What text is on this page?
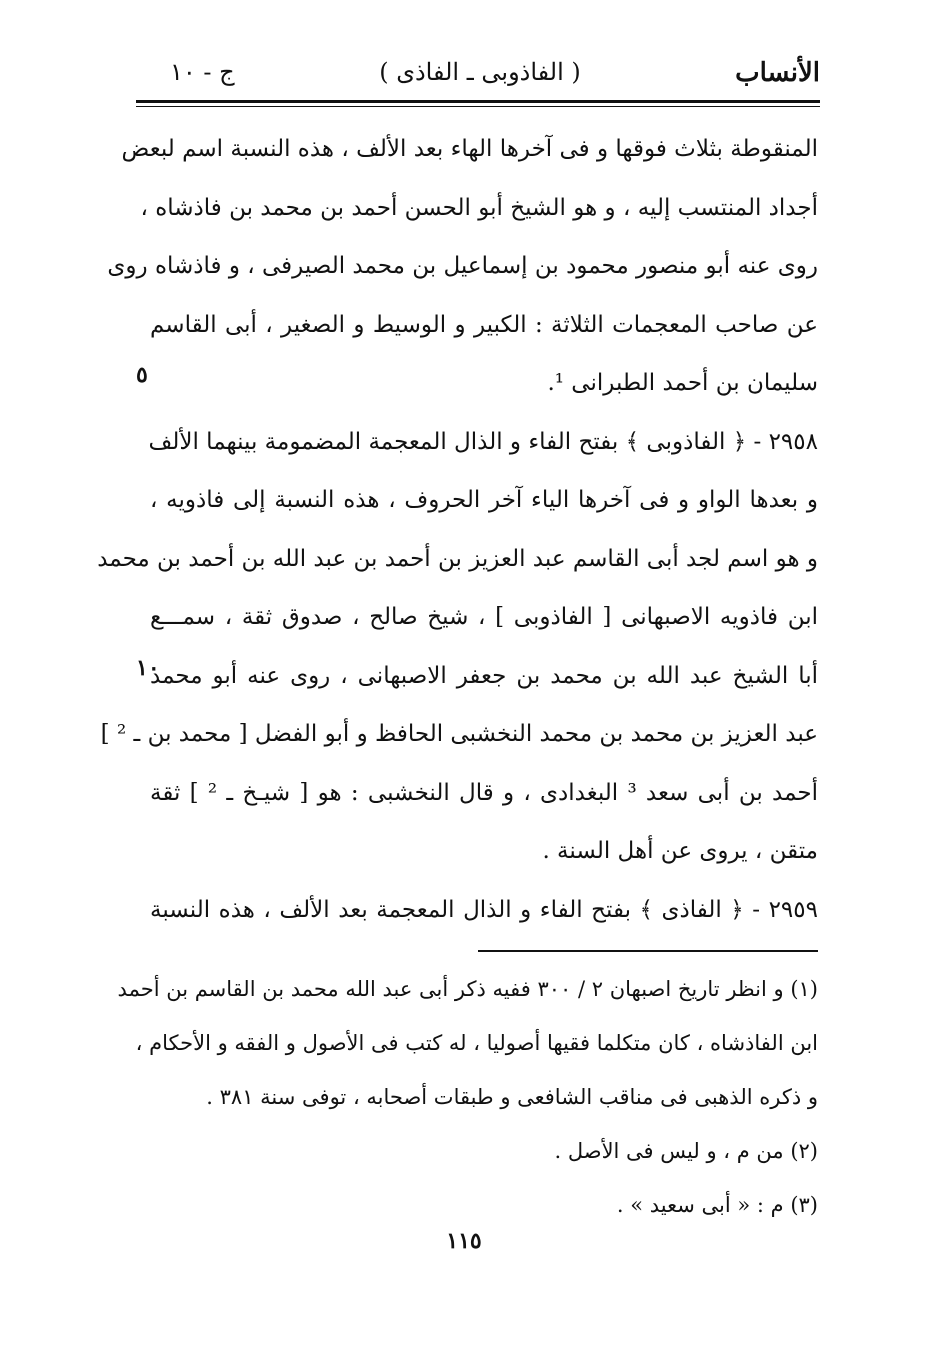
الأنساب
( الفاذوبى ـ الفاذى )
ج - ١٠
المنقوطة بثلاث فوقها و فى آخرها الهاء بعد الألف ، هذه النسبة اسم لبعض
أجداد المنتسب إليه ، و هو الشيخ أبو الحسن أحمد بن محمد بن فاذشاه ،
روى عنه أبو منصور محمود بن إسماعيل بن محمد الصيرفى ، و فاذشاه روى
عن صاحب المعجمات الثلاثة : الكبير و الوسيط و الصغير ، أبى القاسم
سليمان بن أحمد الطبرانى ¹.
٢٩٥٨ - ﴿ الفاذوبى ﴾ بفتح الفاء و الذال المعجمة المضمومة بينهما الألف
و بعدها الواو و فى آخرها الياء آخر الحروف ، هذه النسبة إلى فاذويه ،
و هو اسم لجد أبى القاسم عبد العزيز بن أحمد بن عبد الله بن أحمد بن محمد
ابن فاذويه الاصبهانى [ الفاذوبى ] ، شيخ صالح ، صدوق ثقة ، سمـــع
أبا الشيخ عبد الله بن محمد بن جعفر الاصبهانى ، روى عنه أبو محمد
عبد العزيز بن محمد بن محمد النخشبى الحافظ و أبو الفضل [ محمد بن ـ ² ]
أحمد بن أبى سعد ³ البغدادى ، و قال النخشبى : هو [ شيـخ ـ ² ] ثقة
متقن ، يروى عن أهل السنة .
٢٩٥٩ - ﴿ الفاذى ﴾ بفتح الفاء و الذال المعجمة بعد الألف ، هذه النسبة
٥
١٠
(١) و انظر تاريخ اصبهان ٢ / ٣٠٠ ففيه ذكر أبى عبد الله محمد بن القاسم بن أحمد
ابن الفاذشاه ، كان متكلما فقيها أصوليا ، له كتب فى الأصول و الفقه و الأحكام ،
و ذكره الذهبى فى مناقب الشافعى و طبقات أصحابه ، توفى سنة ٣٨١ .
(٢) من م ، و ليس فى الأصل .
(٣) م : « أبى سعيد » .
١١٥
